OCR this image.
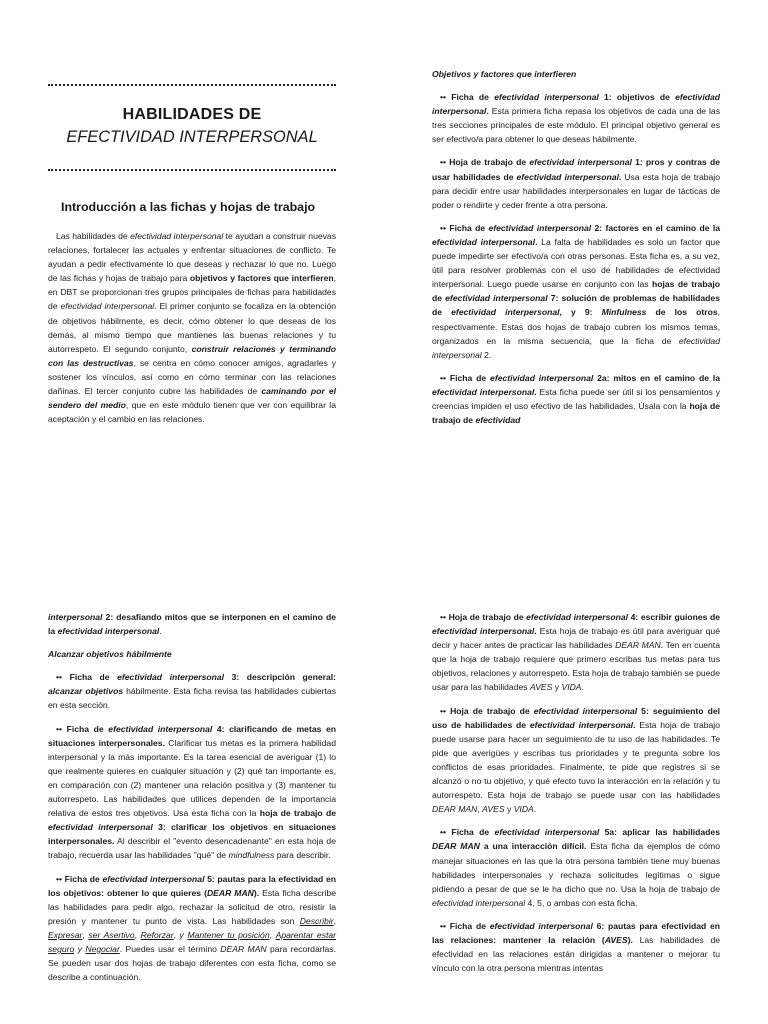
HABILIDADES DE
EFECTIVIDAD INTERPERSONAL
Introducción a las fichas y hojas de trabajo

Las habilidades de efectividad interpersonal te ayudan a construir nuevas relaciones, fortalecer las actuales y enfrentar situaciones de conflicto. Te ayudan a pedir efectivamente lo que deseas y rechazar lo que no. Luego de las fichas y hojas de trabajo para objetivos y factores que interfieren, en DBT se proporcionan tres grupos principales de fichas para habilidades de efectividad interpersonal. El primer conjunto se focaliza en la obtención de objetivos hábilmente, es decir, cómo obtener lo que deseas de los demás, al mismo tiempo que mantienes las buenas relaciones y tu autorrespeto. El segundo conjunto, construir relaciones y terminando con las destructivas, se centra en cómo conocer amigos, agradarles y sostener los vínculos, así como en cómo terminar con las relaciones dañinas. El tercer conjunto cubre las habilidades de caminando por el sendero del medio, que en este módulo tienen que ver con equilibrar la aceptación y el cambio en las relaciones.

Objetivos y factores que interfieren

•• Ficha de efectividad interpersonal 1: objetivos de efectividad interpersonal. Esta primera ficha repasa los objetivos de cada una de las tres secciones principales de este módulo. El principal objetivo general es ser efectivo/a para obtener lo que deseas hábilmente.

•• Hoja de trabajo de efectividad interpersonal 1: pros y contras de usar habilidades de efectividad interpersonal. Usa esta hoja de trabajo para decidir entre usar habilidades interpersonales en lugar de tácticas de poder o rendirte y ceder frente a otra persona.

•• Ficha de efectividad interpersonal 2: factores en el camino de la efectividad interpersonal. La falta de habilidades es solo un factor que puede impedirte ser efectivo/a con otras personas. Esta ficha es, a su vez, útil para resolver problemas con el uso de habilidades de efectividad interpersonal. Luego puede usarse en conjunto con las hojas de trabajo de efectividad interpersonal 7: solución de problemas de habilidades de efectividad interpersonal, y 9: Minfulness de los otros, respectivamente. Estas dos hojas de trabajo cubren los mismos temas, organizados en la misma secuencia, que la ficha de efectividad interpersonal 2.

•• Ficha de efectividad interpersonal 2a: mitos en el camino de la efectividad interpersonal. Esta ficha puede ser útil si los pensamientos y creencias impiden el uso efectivo de las habilidades. Úsala con la hoja de trabajo de efectividad

interpersonal 2: desafiando mitos que se interponen en el camino de la efectividad interpersonal.

Alcanzar objetivos hábilmente

•• Ficha de efectividad interpersonal 3: descripción general: alcanzar objetivos hábilmente. Esta ficha revisa las habilidades cubiertas en esta sección.

•• Ficha de efectividad interpersonal 4: clarificando de metas en situaciones interpersonales. Clarificar tus metas es la primera habilidad interpersonal y la más importante. Es la tarea esencial de averiguar (1) lo que realmente quieres en cualquier situación y (2) qué tan importante es, en comparación con (2) mantener una relación positiva y (3) mantener tu autorrespeto. Las habilidades que utilices dependen de la importancia relativa de estos tres objetivos. Usa esta ficha con la hoja de trabajo de efectividad interpersonal 3: clarificar los objetivos en situaciones interpersonales. Al describir el "evento desencadenante" en esta hoja de trabajo, recuerda usar las habilidades "qué" de mindfulness para describir.

•• Ficha de efectividad interpersonal 5: pautas para la efectividad en los objetivos: obtener lo que quieres (DEAR MAN). Esta ficha describe las habilidades para pedir algo, rechazar la solicitud de otro, resistir la presión y mantener tu punto de vista. Las habilidades son Describir, Expresar, ser Asertivo, Reforzar, y Mantener tu posición, Aparentar estar seguro y Negociar. Puedes usar el término DEAR MAN para recordarlas. Se pueden usar dos hojas de trabajo diferentes con esta ficha, como se describe a continuación.

•• Hoja de trabajo de efectividad interpersonal 4: escribir guiones de efectividad interpersonal. Esta hoja de trabajo es útil para averiguar qué decir y hacer antes de practicar las habilidades DEAR MAN. Ten en cuenta que la hoja de trabajo requiere que primero escribas tus metas para tus objetivos, relaciones y autorrespeto. Esta hoja de trabajo también se puede usar para las habilidades AVES y VIDA.

•• Hoja de trabajo de efectividad interpersonal 5: seguimiento del uso de habilidades de efectividad interpersonal. Esta hoja de trabajo puede usarse para hacer un seguimiento de tu uso de las habilidades. Te pide que averigües y escribas tus prioridades y te pregunta sobre los conflictos de esas prioridades. Finalmente, te pide que registres si se alcanzó o no tu objetivo, y qué efecto tuvo la interacción en la relación y tu autorrespeto. Esta hoja de trabajo se puede usar con las habilidades DEAR MAN, AVES y VIDA.

•• Ficha de efectividad interpersonal 5a: aplicar las habilidades DEAR MAN a una interacción difícil. Esta ficha da ejemplos de cómo manejar situaciones en las que la otra persona también tiene muy buenas habilidades interpersonales y rechaza solicitudes legítimas o sigue pidiendo a pesar de que se le ha dicho que no. Usa la hoja de trabajo de efectividad interpersonal 4, 5, o ambas con esta ficha.

•• Ficha de efectividad interpersonal 6: pautas para efectividad en las relaciones: mantener la relación (AVES). Las habilidades de efectividad en las relaciones están dirigidas a mantener o mejorar tu vínculo con la otra persona mientras intentas
